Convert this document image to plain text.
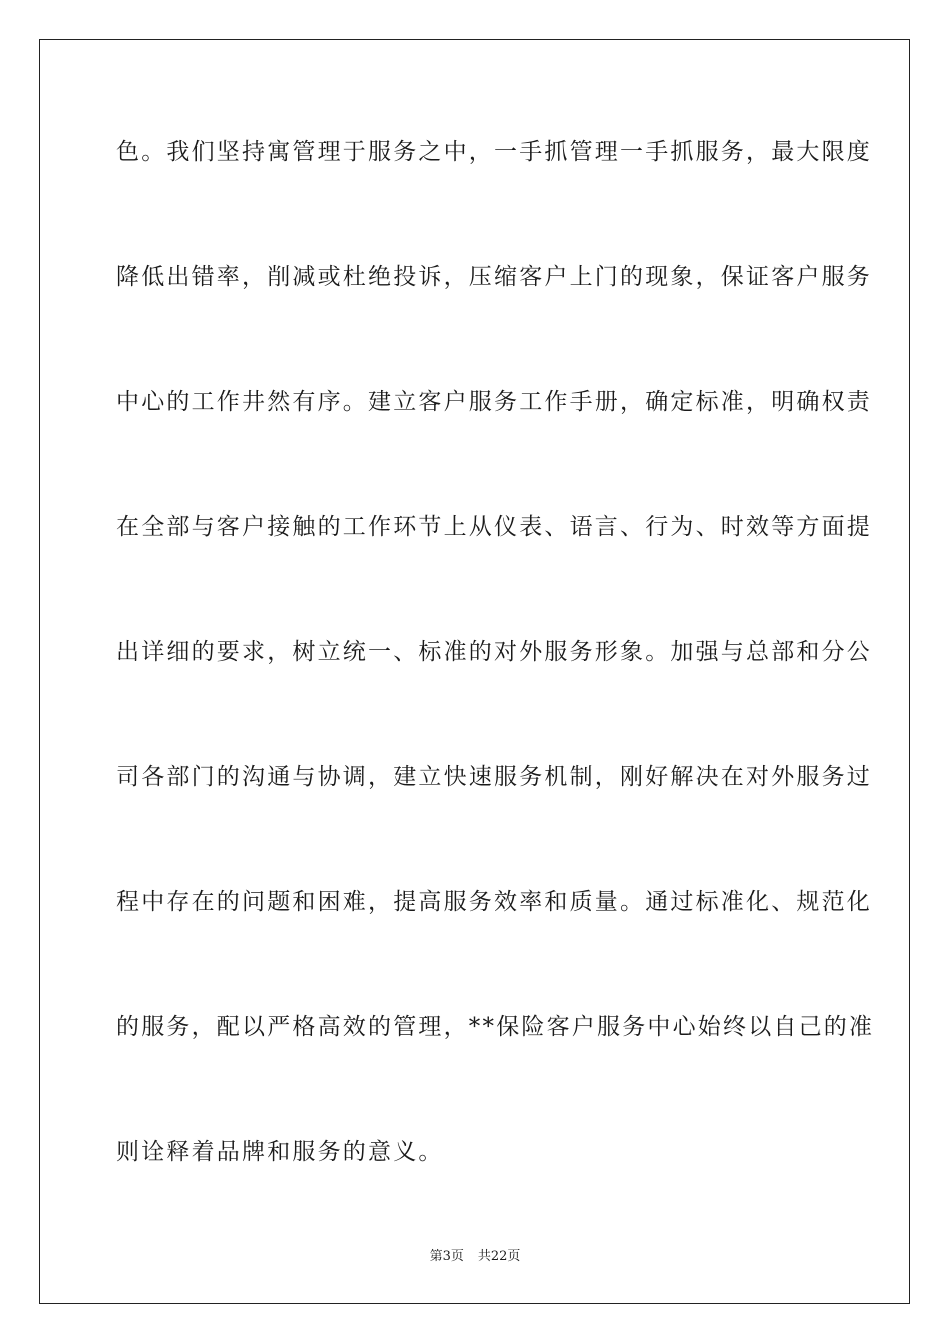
色。我们坚持寓管理于服务之中，一手抓管理一手抓服务，最大限度
降低出错率，削减或杜绝投诉，压缩客户上门的现象，保证客户服务
中心的工作井然有序。建立客户服务工作手册，确定标准，明确权责
在全部与客户接触的工作环节上从仪表、语言、行为、时效等方面提
出详细的要求，树立统一、标准的对外服务形象。加强与总部和分公
司各部门的沟通与协调，建立快速服务机制，刚好解决在对外服务过
程中存在的问题和困难，提高服务效率和质量。通过标准化、规范化
的服务，配以严格高效的管理，**保险客户服务中心始终以自己的准
则诠释着品牌和服务的意义。
第3页 共22页
